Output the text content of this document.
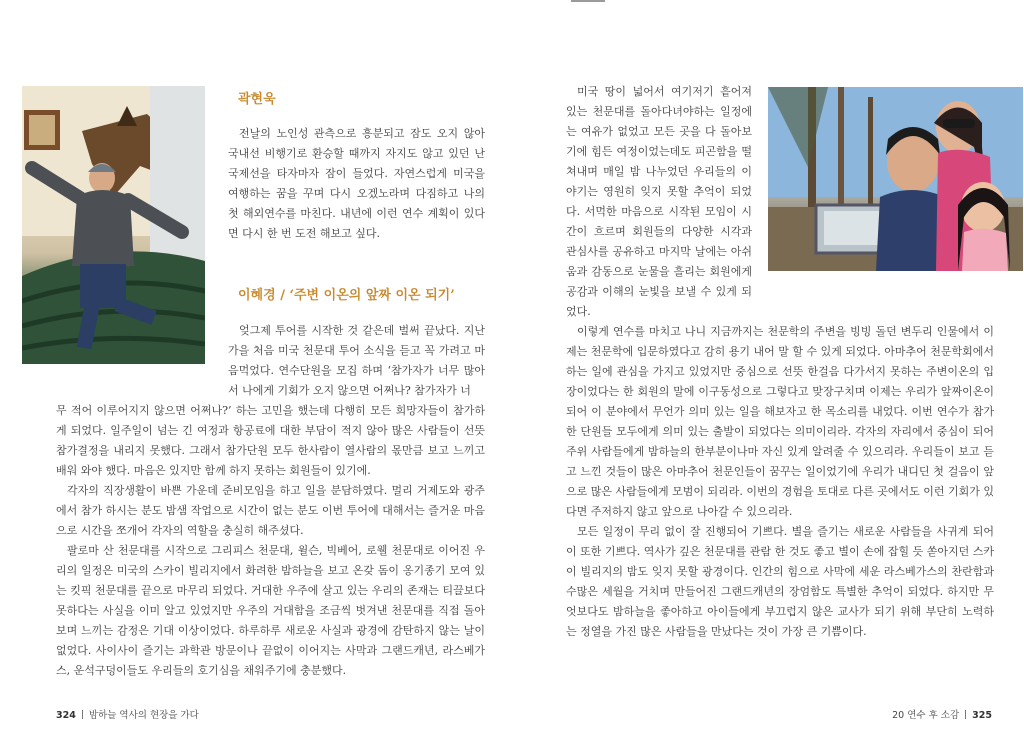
곽현욱

전날의 노인성 관측으로 흥분되고 잠도 오지 않아 국내선 비행기로 환승할 때까지 자지도 않고 있던 난 국제선을 타자마자 잠이 들었다. 자연스럽게 미국을 여행하는 꿈을 꾸며 다시 오겠노라며 다짐하고 나의 첫 해외연수를 마친다. 내년에 이런 연수 계획이 있다면 다시 한 번 도전 해보고 싶다.

이혜경 / ‘주변 이온의 앞짜 이온 되기’

엊그제 투어를 시작한 것 같은데 벌써 끝났다. 지난 가을 처음 미국 천문대 투어 소식을 듣고 꼭 가려고 마음먹었다. 연수단원을 모집 하며 ‘참가자가 너무 많아서 나에게 기회가 오지 않으면 어쩌나? 참가자가 너

무 적어 이루어지지 않으면 어쩌나?’ 하는 고민을 했는데 다행히 모든 희망자들이 참가하게 되었다. 일주일이 넘는 긴 여정과 항공료에 대한 부담이 적지 않아 많은 사람들이 선뜻 참가결정을 내리지 못했다. 그래서 참가단원 모두 한사람이 열사람의 몫만큼 보고 느끼고 배워 와야 했다. 마음은 있지만 함께 하지 못하는 회원들이 있기에.

각자의 직장생활이 바쁜 가운데 준비모임을 하고 일을 분담하였다. 멀리 거제도와 광주에서 참가 하시는 분도 밤샘 작업으로 시간이 없는 분도 이번 투어에 대해서는 즐거운 마음으로 시간을 쪼개어 각자의 역할을 충실히 해주셨다.

팔로마 산 천문대를 시작으로 그리피스 천문대, 윌슨, 빅베어, 로웰 천문대로 이어진 우리의 일정은 미국의 스카이 빌리지에서 화려한 밤하늘을 보고 온갖 돔이 옹기종기 모여 있는 킷픽 천문대를 끝으로 마무리 되었다. 거대한 우주에 살고 있는 우리의 존재는 티끌보다 못하다는 사실을 이미 알고 있었지만 우주의 거대함을 조금씩 벗겨낸 천문대를 직접 돌아보며 느끼는 감정은 기대 이상이었다. 하루하루 새로운 사실과 광경에 감탄하지 않는 날이 없었다. 사이사이 즐기는 과학관 방문이나 끝없이 이어지는 사막과 그랜드캐년, 라스베가스, 운석구덩이들도 우리들의 호기심을 채워주기에 충분했다.

324 밤하늘 역사의 현장을 가다

미국 땅이 넓어서 여기저기 흩어져 있는 천문대를 돌아다녀야하는 일정에는 여유가 없었고 모든 곳을 다 돌아보기에 힘든 여정이었는데도 피곤함을 떨쳐내며 매일 밤 나누었던 우리들의 이야기는 영원히 잊지 못할 추억이 되었다. 서먹한 마음으로 시작된 모임이 시간이 흐르며 회원들의 다양한 시각과 관심사를 공유하고 마지막 날에는 아쉬움과 감동으로 눈물을 흘리는 회원에게 공감과 이해의 눈빛을 보낼 수 있게 되었다.

이렇게 연수를 마치고 나니 지금까지는 천문학의 주변을 빙빙 돌던 변두리 인물에서 이제는 천문학에 입문하였다고 감히 용기 내어 말 할 수 있게 되었다. 아마추어 천문학회에서 하는 일에 관심을 가지고 있었지만 중심으로 선뜻 한걸음 다가서지 못하는 주변이온의 입장이었다는 한 회원의 말에 이구동성으로 그렇다고 맞장구치며 이제는 우리가 앞짜이온이 되어 이 분야에서 무언가 의미 있는 일을 해보자고 한 목소리를 내었다. 이번 연수가 참가한 단원들 모두에게 의미 있는 출발이 되었다는 의미이리라. 각자의 자리에서 중심이 되어 주위 사람들에게 밤하늘의 한부분이나마 자신 있게 알려줄 수 있으리라. 우리들이 보고 듣고 느낀 것들이 많은 아마추어 천문인들이 꿈꾸는 일이었기에 우리가 내디딘 첫 걸음이 앞으로 많은 사람들에게 모범이 되리라. 이번의 경험을 토대로 다른 곳에서도 이런 기회가 있다면 주저하지 않고 앞으로 나아갈 수 있으리라.

모든 일정이 무리 없이 잘 진행되어 기쁘다. 별을 즐기는 새로운 사람들을 사귀게 되어 이 또한 기쁘다. 역사가 깊은 천문대를 관람 한 것도 좋고 별이 손에 잡힐 듯 쏟아지던 스카이 빌리지의 밤도 잊지 못할 광경이다. 인간의 힘으로 사막에 세운 라스베가스의 찬란함과 수많은 세월을 거치며 만들어진 그랜드캐년의 장엄함도 특별한 추억이 되었다. 하지만 무엇보다도 밤하늘을 좋아하고 아이들에게 부끄럽지 않은 교사가 되기 위해 부단히 노력하는 정열을 가진 많은 사람들을 만났다는 것이 가장 큰 기쁨이다.

20 연수 후 소감 325
